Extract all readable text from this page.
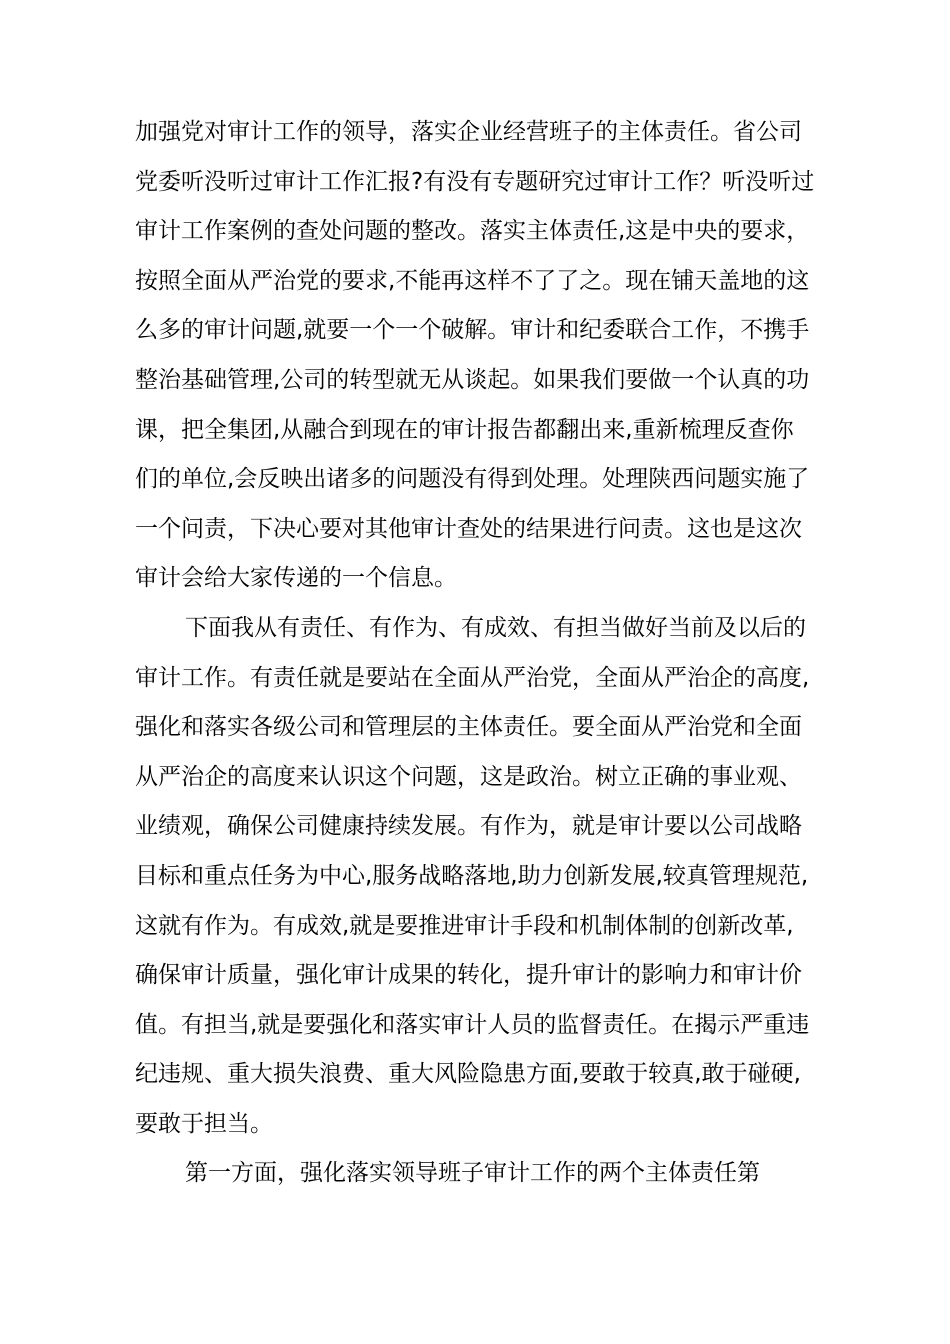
加强党对审计工作的领导，落实企业经营班子的主体责任。省公司
党委听没听过审计工作汇报?有没有专题研究过审计工作？听没听过
审计工作案例的查处问题的整改。落实主体责任,这是中央的要求，
按照全面从严治党的要求,不能再这样不了了之。现在铺天盖地的这
么多的审计问题,就要一个一个破解。审计和纪委联合工作，不携手
整治基础管理,公司的转型就无从谈起。如果我们要做一个认真的功
课，把全集团,从融合到现在的审计报告都翻出来,重新梳理反查你
们的单位,会反映出诸多的问题没有得到处理。处理陕西问题实施了
一个问责，下决心要对其他审计查处的结果进行问责。这也是这次
审计会给大家传递的一个信息。
下面我从有责任、有作为、有成效、有担当做好当前及以后的
审计工作。有责任就是要站在全面从严治党，全面从严治企的高度,
强化和落实各级公司和管理层的主体责任。要全面从严治党和全面
从严治企的高度来认识这个问题，这是政治。树立正确的事业观、
业绩观，确保公司健康持续发展。有作为，就是审计要以公司战略
目标和重点任务为中心,服务战略落地,助力创新发展,较真管理规范,
这就有作为。有成效,就是要推进审计手段和机制体制的创新改革,
确保审计质量，强化审计成果的转化，提升审计的影响力和审计价
值。有担当,就是要强化和落实审计人员的监督责任。在揭示严重违
纪违规、重大损失浪费、重大风险隐患方面,要敢于较真,敢于碰硬,
要敢于担当。
第一方面，强化落实领导班子审计工作的两个主体责任第
